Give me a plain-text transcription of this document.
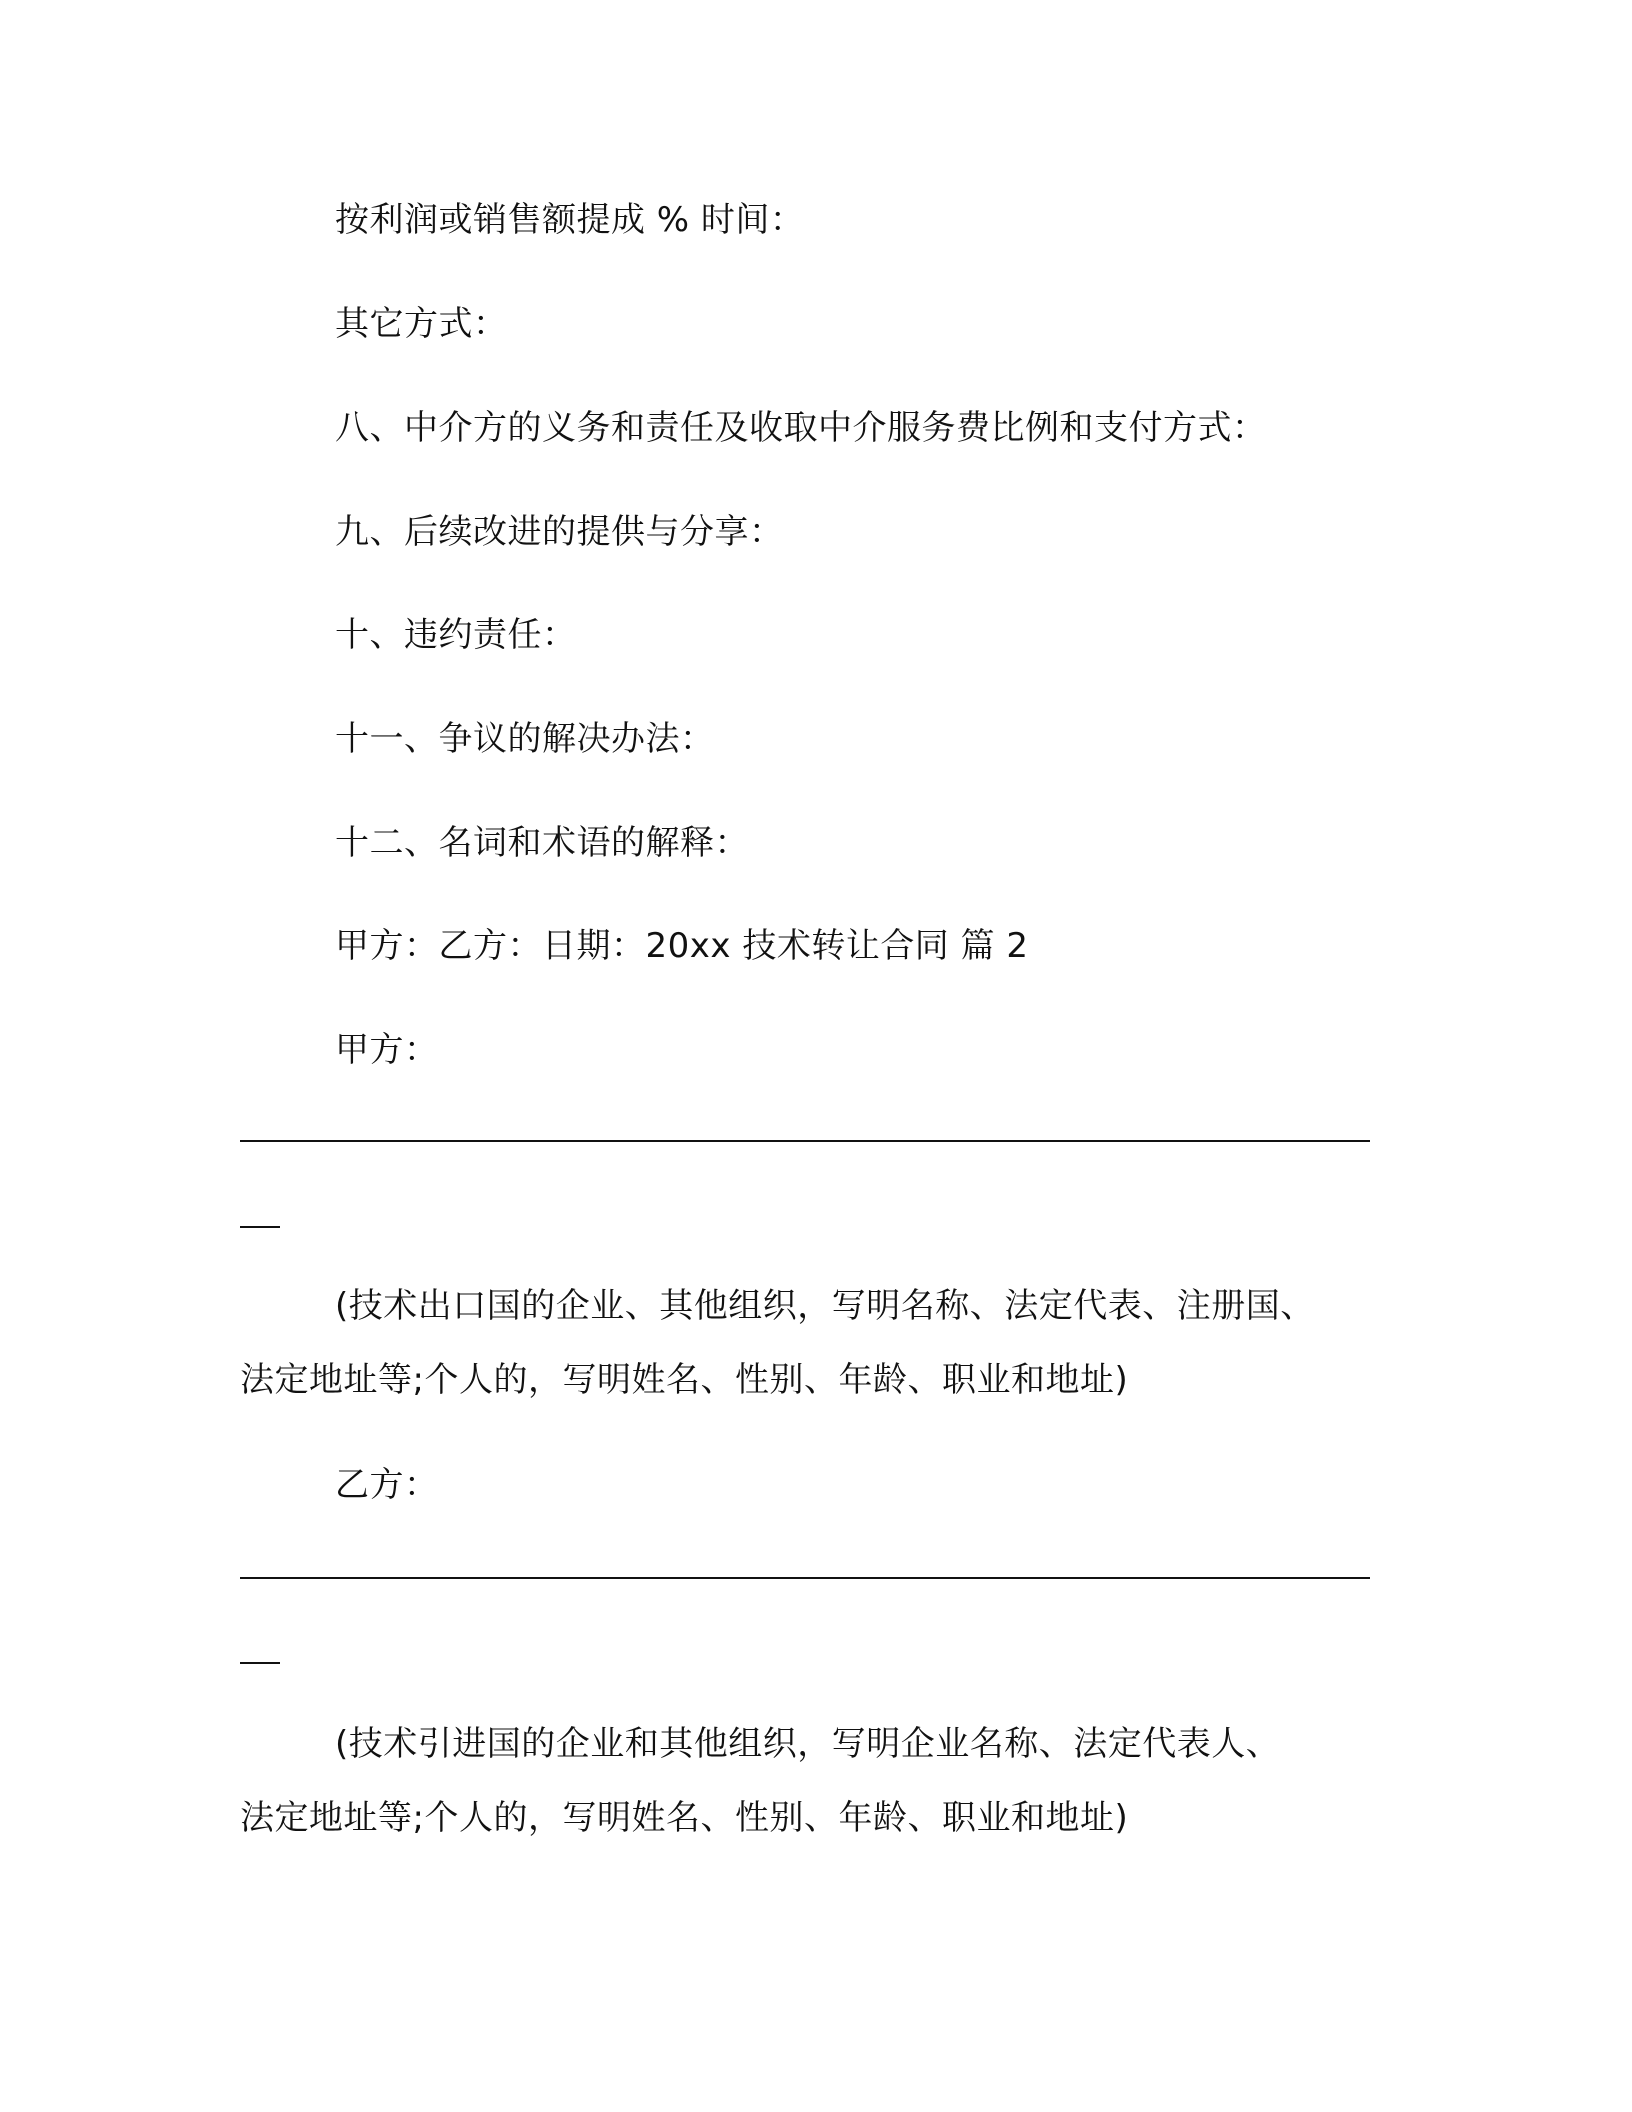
按利润或销售额提成 % 时间：
其它方式：
八、中介方的义务和责任及收取中介服务费比例和支付方式：
九、后续改进的提供与分享：
十、违约责任：
十一、争议的解决办法：
十二、名词和术语的解释：
甲方：乙方：日期：20xx 技术转让合同 篇 2
甲方：
(技术出口国的企业、其他组织，写明名称、法定代表、注册国、
法定地址等;个人的，写明姓名、性别、年龄、职业和地址)
乙方：
(技术引进国的企业和其他组织，写明企业名称、法定代表人、
法定地址等;个人的，写明姓名、性别、年龄、职业和地址)
